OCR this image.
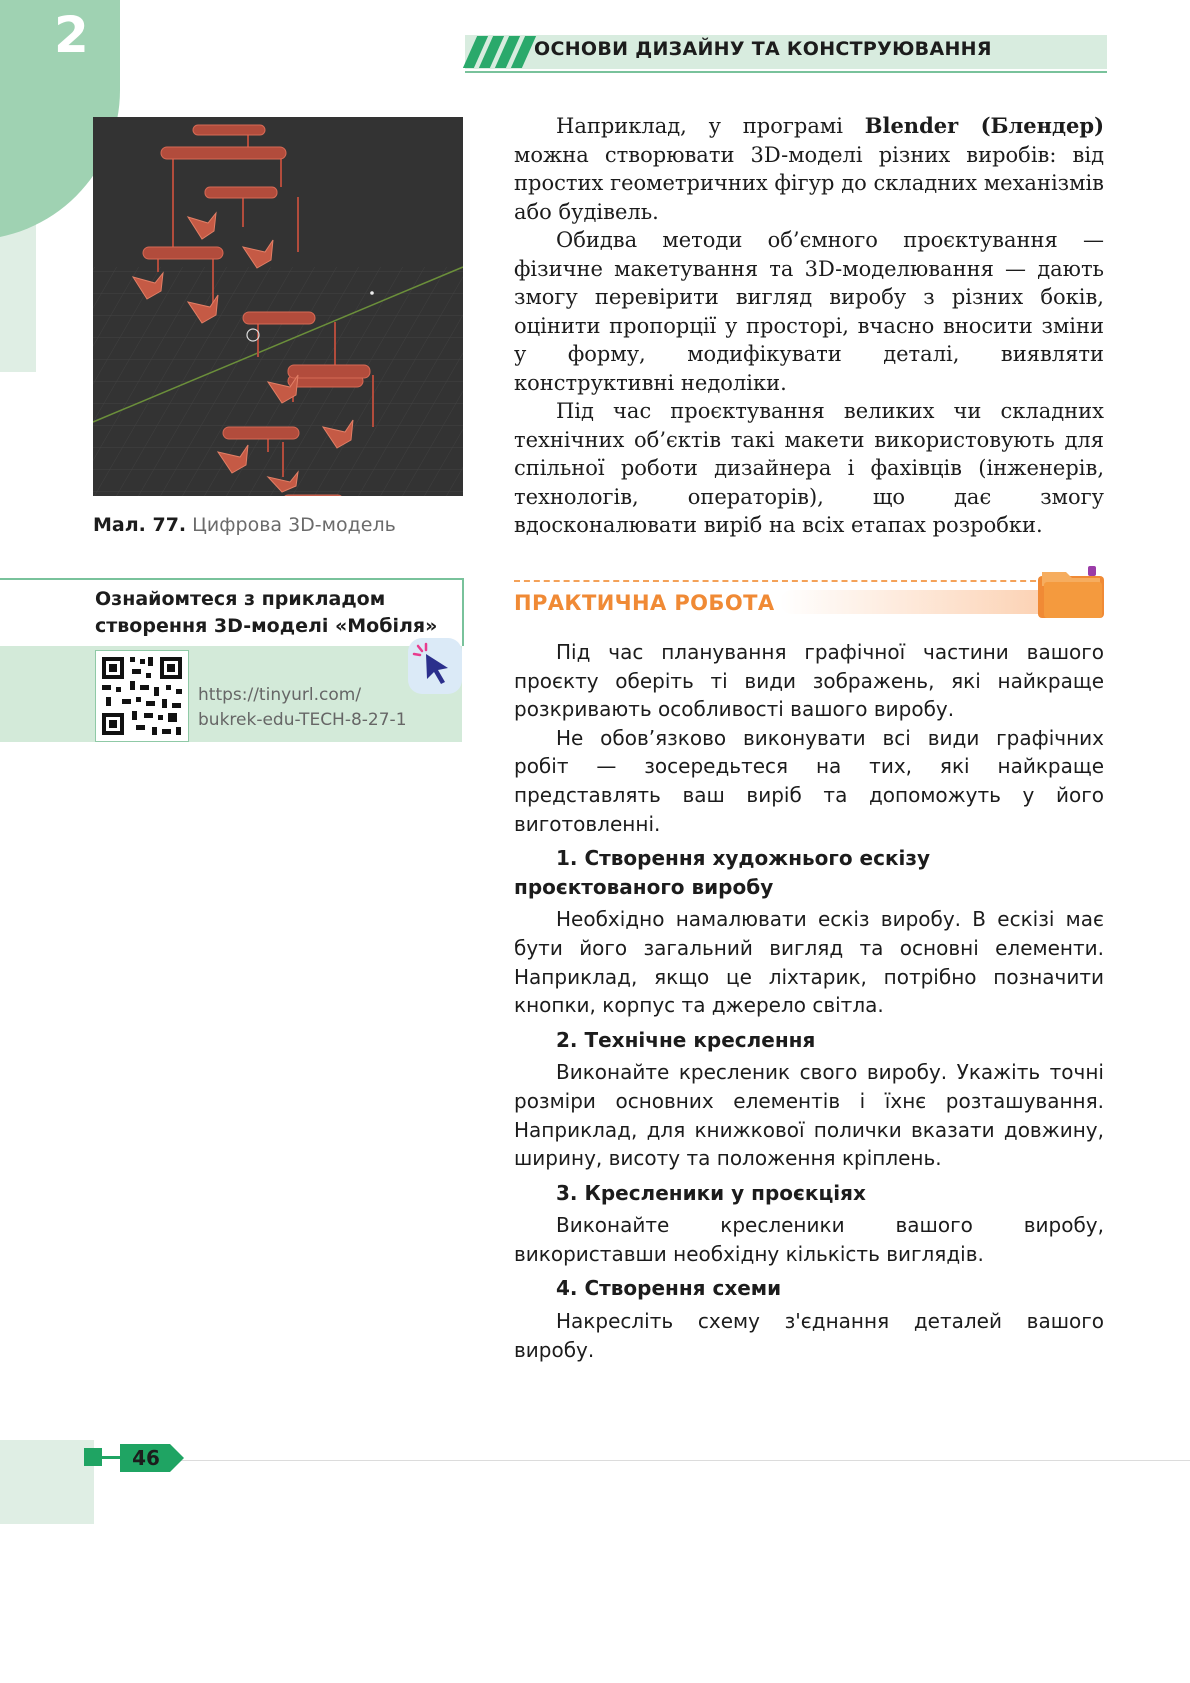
2	ОСНОВИ ДИЗАЙНУ ТА КОНСТРУЮВАННЯ
Мал. 77. Цифрова 3D-модель
Ознайомтеся з прикладом створення 3D-моделі «Мобіля»
https://tinyurl.com/
bukrek-edu-TECH-8-27-1

Наприклад, у програмі Blender (Блендер) можна створювати 3D-моделі різних виробів: від простих геометричних фігур до складних механізмів або будівель.

Обидва методи об’ємного проєктування — фізичне макетування та 3D-моделювання — дають змогу перевірити вигляд виробу з різних боків, оцінити пропорції у просторі, вчасно вносити зміни у форму, модифікувати деталі, виявляти конструктивні недоліки.

Під час проєктування великих чи складних технічних об’єктів такі макети використовують для спільної роботи дизайнера і фахівців (інженерів, технологів, операторів), що дає змогу вдосконалювати виріб на всіх етапах розробки.

ПРАКТИЧНА РОБОТА

Під час планування графічної частини вашого проєкту оберіть ті види зображень, які найкраще розкривають особливості вашого виробу.

Не обов’язково виконувати всі види графічних робіт — зосередьтеся на тих, які найкраще представлять ваш виріб та допоможуть у його виготовленні.

1. Створення художнього ескізу проєктованого виробу

Необхідно намалювати ескіз виробу. В ескізі має бути його загальний вигляд та основні елементи. Наприклад, якщо це ліхтарик, потрібно позначити кнопки, корпус та джерело світла.

2. Технічне креслення

Виконайте кресленик свого виробу. Укажіть точні розміри основних елементів і їхнє розташування. Наприклад, для книжкової полички вказати довжину, ширину, висоту та положення кріплень.

3. Кресленики у проєкціях

Виконайте кресленики вашого виробу, використавши необхідну кількість виглядів.

4. Створення схеми

Накресліть схему з'єднання деталей вашого виробу.

46
